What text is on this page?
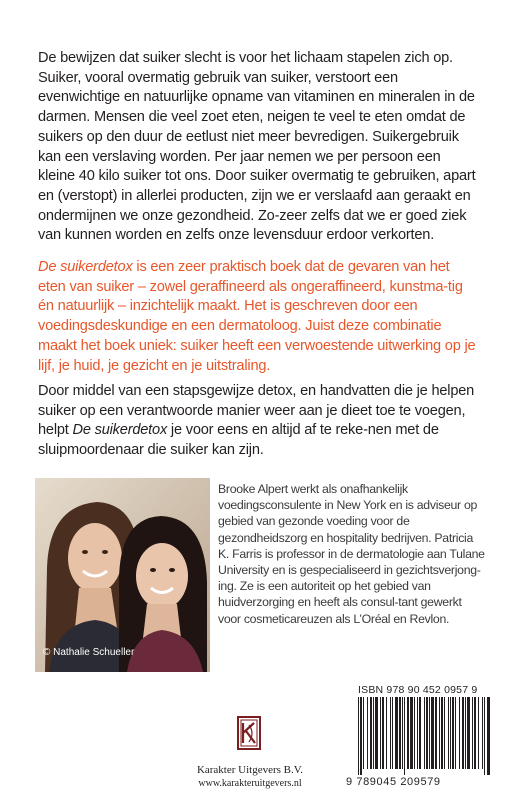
De bewijzen dat suiker slecht is voor het lichaam stapelen zich op. Suiker, vooral overmatig gebruik van suiker, verstoort een evenwichtige en natuurlijke opname van vitaminen en mineralen in de darmen. Mensen die veel zoet eten, neigen te veel te eten omdat de suikers op den duur de eetlust niet meer bevredigen. Suikergebruik kan een verslaving worden. Per jaar nemen we per persoon een kleine 40 kilo suiker tot ons. Door suiker overmatig te gebruiken, apart en (verstopt) in allerlei producten, zijn we er verslaafd aan geraakt en ondermijnen we onze gezondheid. Zo-zeer zelfs dat we er goed ziek van kunnen worden en zelfs onze levensduur erdoor verkorten.

De suikerdetox is een zeer praktisch boek dat de gevaren van het eten van suiker – zowel geraffineerd als ongeraffineerd, kunstma-tig én natuurlijk – inzichtelijk maakt. Het is geschreven door een voedingsdeskundige en een dermatoloog. Juist deze combinatie maakt het boek uniek: suiker heeft een verwoestende uitwerking op je lijf, je huid, je gezicht en je uitstraling.

Door middel van een stapsgewijze detox, en handvatten die je helpen suiker op een verantwoorde manier weer aan je dieet toe te voegen, helpt De suikerdetox je voor eens en altijd af te reke-nen met de sluipmoordenaar die suiker kan zijn.

© Nathalie Schueller

Brooke Alpert werkt als onafhankelijk voedingsconsulente in New York en is adviseur op gebied van gezonde voeding voor de gezondheidszorg en hospitality bedrijven. Patricia K. Farris is professor in de dermatologie aan Tulane University en is gespecialiseerd in gezichtsverjong-ing. Ze is een autoriteit op het gebied van huidverzorging en heeft als consul-tant gewerkt voor cosmeticareuzen als L’Oréal en Revlon.

Karakter Uitgevers B.V.
www.karakteruitgevers.nl
ISBN 978 90 452 0957 9
9 789045 209579
